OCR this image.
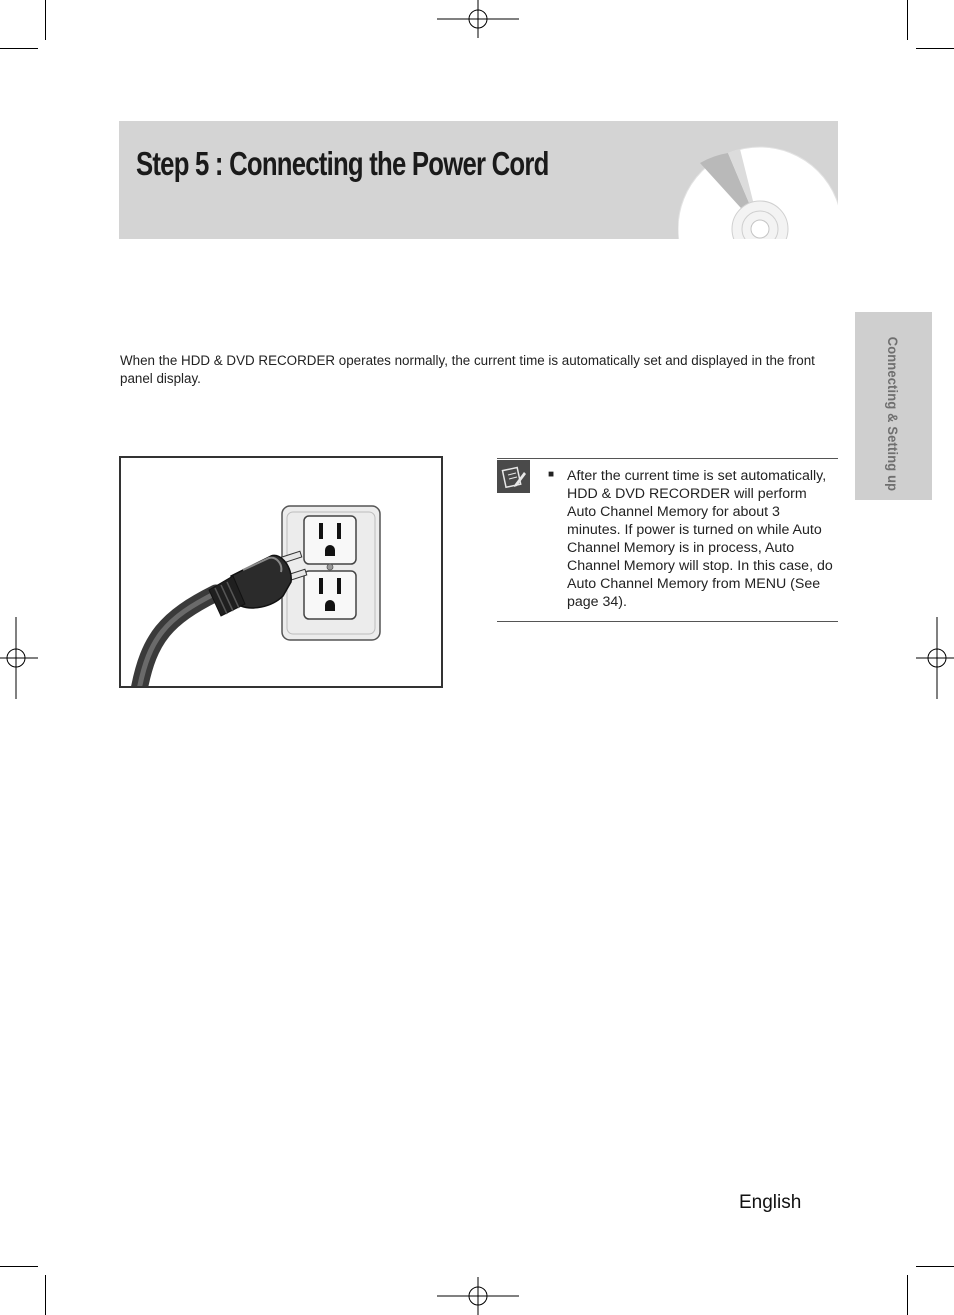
Step 5 : Connecting the Power Cord
Connecting & Setting up

When the HDD & DVD RECORDER operates normally, the current time is automatically set and displayed in the front panel display.

■ After the current time is set automatically, HDD & DVD RECORDER will perform Auto Channel Memory for about 3 minutes. If power is turned on while Auto Channel Memory is in process, Auto Channel Memory will stop. In this case, do Auto Channel Memory from MENU (See page 34).

English
